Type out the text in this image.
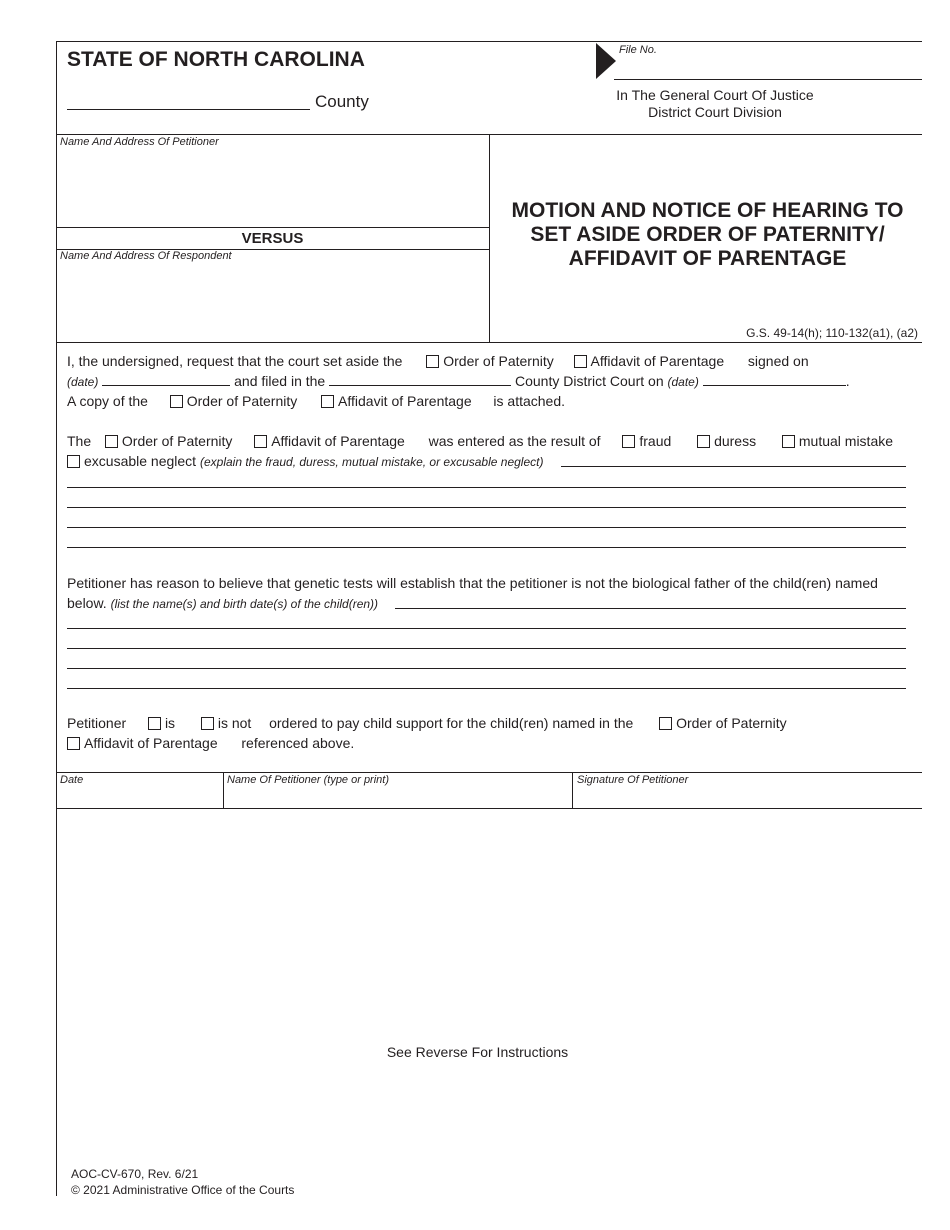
STATE OF NORTH CAROLINA
County
File No.
In The General Court Of Justice
District Court Division
Name And Address Of Petitioner
VERSUS
Name And Address Of Respondent
MOTION AND NOTICE OF HEARING TO
SET ASIDE ORDER OF PATERNITY/
AFFIDAVIT OF PARENTAGE
G.S. 49-14(h); 110-132(a1), (a2)
I, the undersigned, request that the court set aside the	Order of Paternity	Affidavit of Parentage signed on
(date)	and filed in the	County District Court on (date)	.
A copy of the	Order of Paternity	Affidavit of Parentage is attached.
The Order of Paternity	Affidavit of Parentage was entered as the result of	fraud	duress	mutual mistake
excusable neglect (explain the fraud, duress, mutual mistake, or excusable neglect)
Petitioner has reason to believe that genetic tests will establish that the petitioner is not the biological father of the child(ren) named
below. (list the name(s) and birth date(s) of the child(ren))
Petitioner	is	is not ordered to pay child support for the child(ren) named in the	Order of Paternity
Affidavit of Parentage referenced above.
Date	Name Of Petitioner (type or print)	Signature Of Petitioner
See Reverse For Instructions
AOC-CV-670, Rev. 6/21
© 2021 Administrative Office of the Courts
